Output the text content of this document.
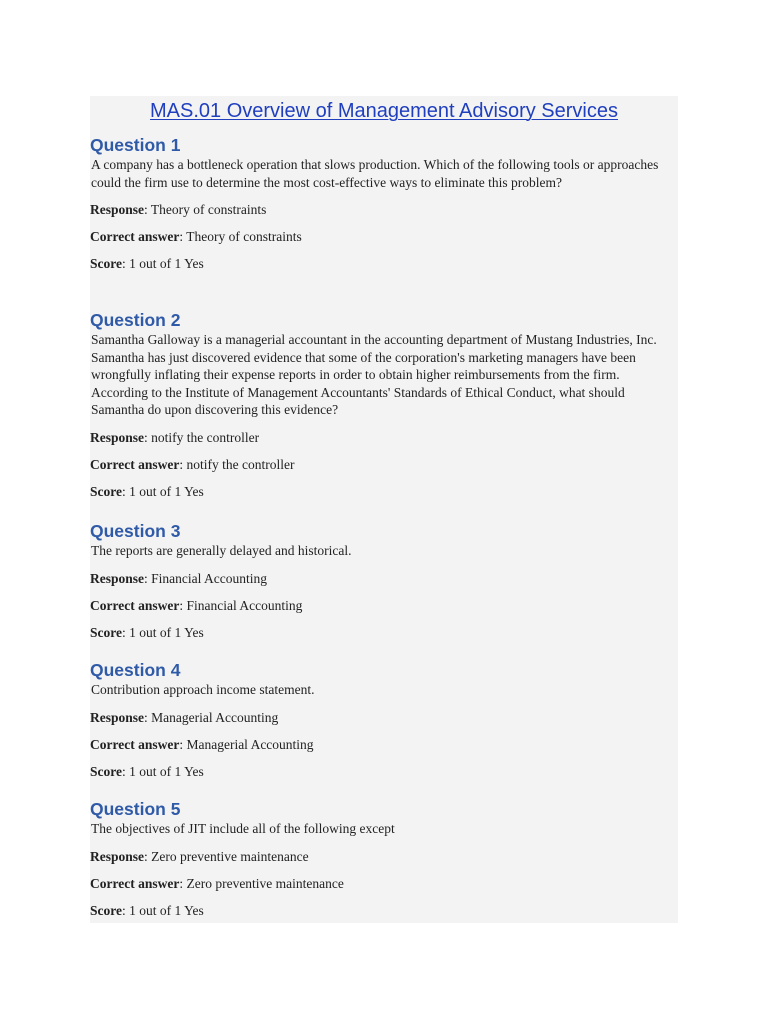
MAS.01 Overview of Management Advisory Services
Question 1

A company has a bottleneck operation that slows production. Which of the following tools or approaches could the firm use to determine the most cost-effective ways to eliminate this problem?

Response: Theory of constraints

Correct answer: Theory of constraints

Score: 1 out of 1 Yes

Question 2

Samantha Galloway is a managerial accountant in the accounting department of Mustang Industries, Inc. Samantha has just discovered evidence that some of the corporation's marketing managers have been wrongfully inflating their expense reports in order to obtain higher reimbursements from the firm. According to the Institute of Management Accountants' Standards of Ethical Conduct, what should Samantha do upon discovering this evidence?

Response: notify the controller

Correct answer: notify the controller

Score: 1 out of 1 Yes

Question 3

The reports are generally delayed and historical.

Response: Financial Accounting

Correct answer: Financial Accounting

Score: 1 out of 1 Yes

Question 4

Contribution approach income statement.

Response: Managerial Accounting

Correct answer: Managerial Accounting

Score: 1 out of 1 Yes

Question 5

The objectives of JIT include all of the following except

Response: Zero preventive maintenance

Correct answer: Zero preventive maintenance

Score: 1 out of 1 Yes
